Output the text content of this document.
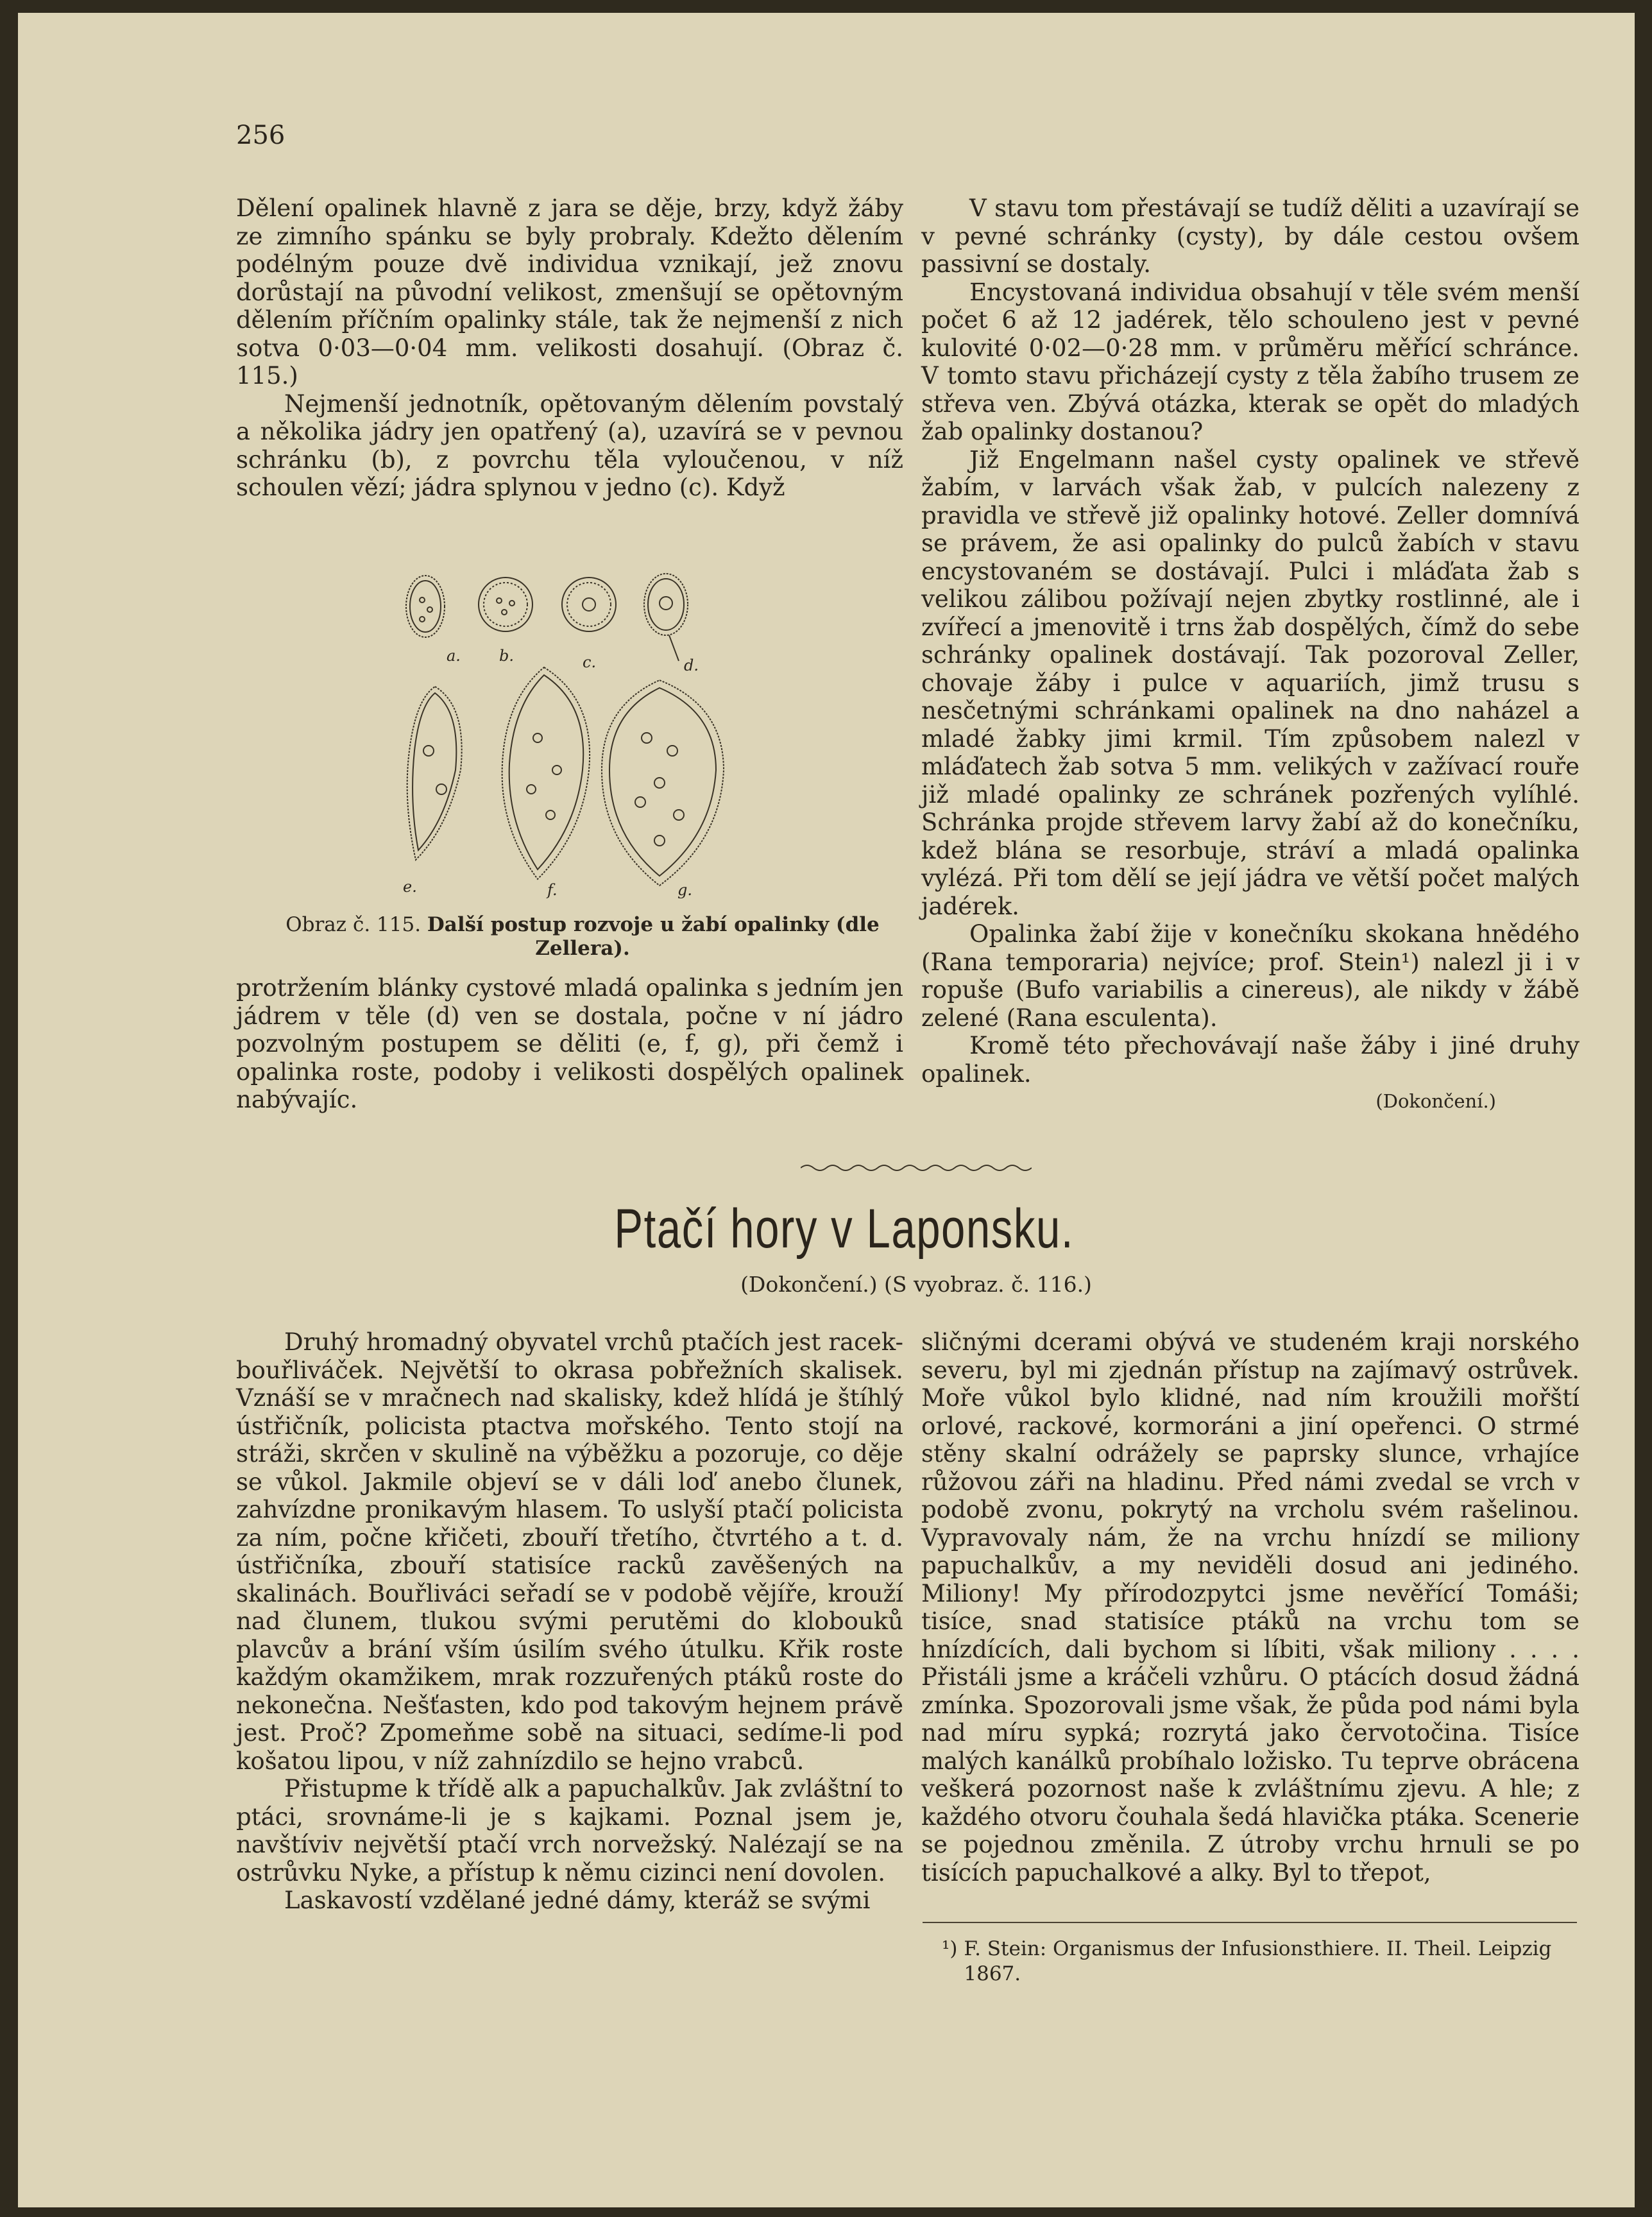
256

Dělení opalinek hlavně z jara se děje, brzy, když žáby ze zimního spánku se byly probraly. Kdežto dělením podélným pouze dvě individua vznikají, jež znovu dorůstají na původní velikost, zmenšují se opětovným dělením příčním opalinky stále, tak že nejmenší z nich sotva 0·03—0·04 mm. velikosti dosahují. (Obraz č. 115.)

Nejmenší jednotník, opětovaným dělením povstalý a několika jádry jen opatřený (a), uzavírá se v pevnou schránku (b), z povrchu těla vyloučenou, v níž schoulen vězí; jádra splynou v jedno (c). Když

a.	b.	c.	d.
e.	f.	g.
Obraz č. 115. Další postup rozvoje u žabí opalinky (dle Zellera).

protržením blánky cystové mladá opalinka s jedním jen jádrem v těle (d) ven se dostala, počne v ní jádro pozvolným postupem se děliti (e, f, g), při čemž i opalinka roste, podoby i velikosti dospělých opalinek nabývajíc.

V stavu tom přestávají se tudíž děliti a uzavírají se v pevné schránky (cysty), by dále cestou ovšem passivní se dostaly.

Encystovaná individua obsahují v těle svém menší počet 6 až 12 jadérek, tělo schouleno jest v pevné kulovité 0·02—0·28 mm. v průměru měřící schránce. V tomto stavu přicházejí cysty z těla žabího trusem ze střeva ven. Zbývá otázka, kterak se opět do mladých žab opalinky dostanou?

Již Engelmann našel cysty opalinek ve střevě žabím, v larvách však žab, v pulcích nalezeny z pravidla ve střevě již opalinky hotové. Zeller domnívá se právem, že asi opalinky do pulců žabích v stavu encystovaném se dostávají. Pulci i mláďata žab s velikou zálibou požívají nejen zbytky rostlinné, ale i zvířecí a jmenovitě i trns žab dospělých, čímž do sebe schránky opalinek dostávají. Tak pozoroval Zeller, chovaje žáby i pulce v aquariích, jimž trusu s nesčetnými schránkami opalinek na dno naházel a mladé žabky jimi krmil. Tím způsobem nalezl v mláďatech žab sotva 5 mm. velikých v zažívací rouře již mladé opalinky ze schránek pozřených vylíhlé. Schránka projde střevem larvy žabí až do konečníku, kdež blána se resorbuje, stráví a mladá opalinka vylézá. Při tom dělí se její jádra ve větší počet malých jadérek.

Opalinka žabí žije v konečníku skokana hnědého (Rana temporaria) nejvíce; prof. Stein¹) nalezl ji i v ropuše (Bufo variabilis a cinereus), ale nikdy v žábě zelené (Rana esculenta).

Kromě této přechovávají naše žáby i jiné druhy opalinek.

(Dokončení.)

Ptačí hory v Laponsku.
(Dokončení.) (S vyobraz. č. 116.)

Druhý hromadný obyvatel vrchů ptačích jest racek-bouřliváček. Největší to okrasa pobřežních skalisek. Vznáší se v mračnech nad skalisky, kdež hlídá je štíhlý ústřičník, policista ptactva mořského. Tento stojí na stráži, skrčen v skulině na výběžku a pozoruje, co děje se vůkol. Jakmile objeví se v dáli loď anebo člunek, zahvízdne pronikavým hlasem. To uslyší ptačí policista za ním, počne křičeti, zbouří třetího, čtvrtého a t. d. ústřičníka, zbouří statisíce racků zavěšených na skalinách. Bouřliváci seřadí se v podobě vějíře, krouží nad člunem, tlukou svými perutěmi do klobouků plavcův a brání vším úsilím svého útulku. Křik roste každým okamžikem, mrak rozzuřených ptáků roste do nekonečna. Nešťasten, kdo pod takovým hejnem právě jest. Proč? Zpomeňme sobě na situaci, sedíme-li pod košatou lipou, v níž zahnízdilo se hejno vrabců.

Přistupme k třídě alk a papuchalkův. Jak zvláštní to ptáci, srovnáme-li je s kajkami. Poznal jsem je, navštíviv největší ptačí vrch norvežský. Nalézají se na ostrůvku Nyke, a přístup k němu cizinci není dovolen.

Laskavostí vzdělané jedné dámy, kteráž se svými

sličnými dcerami obývá ve studeném kraji norského severu, byl mi zjednán přístup na zajímavý ostrůvek. Moře vůkol bylo klidné, nad ním kroužili mořští orlové, rackové, kormoráni a jiní opeřenci. O strmé stěny skalní odrážely se paprsky slunce, vrhajíce růžovou záři na hladinu. Před námi zvedal se vrch v podobě zvonu, pokrytý na vrcholu svém rašelinou. Vypravovaly nám, že na vrchu hnízdí se miliony papuchalkův, a my neviděli dosud ani jediného. Miliony! My přírodozpytci jsme nevěřící Tomáši; tisíce, snad statisíce ptáků na vrchu tom se hnízdících, dali bychom si líbiti, však miliony . . . . Přistáli jsme a kráčeli vzhůru. O ptácích dosud žádná zmínka. Spozorovali jsme však, že půda pod námi byla nad míru sypká; rozrytá jako červotočina. Tisíce malých kanálků probíhalo ložisko. Tu teprve obrácena veškerá pozornost naše k zvláštnímu zjevu. A hle; z každého otvoru čouhala šedá hlavička ptáka. Scenerie se pojednou změnila. Z útroby vrchu hrnuli se po tisících papuchalkové a alky. Byl to třepot,

¹) F. Stein: Organismus der Infusionsthiere. II. Theil. Leipzig 1867.
